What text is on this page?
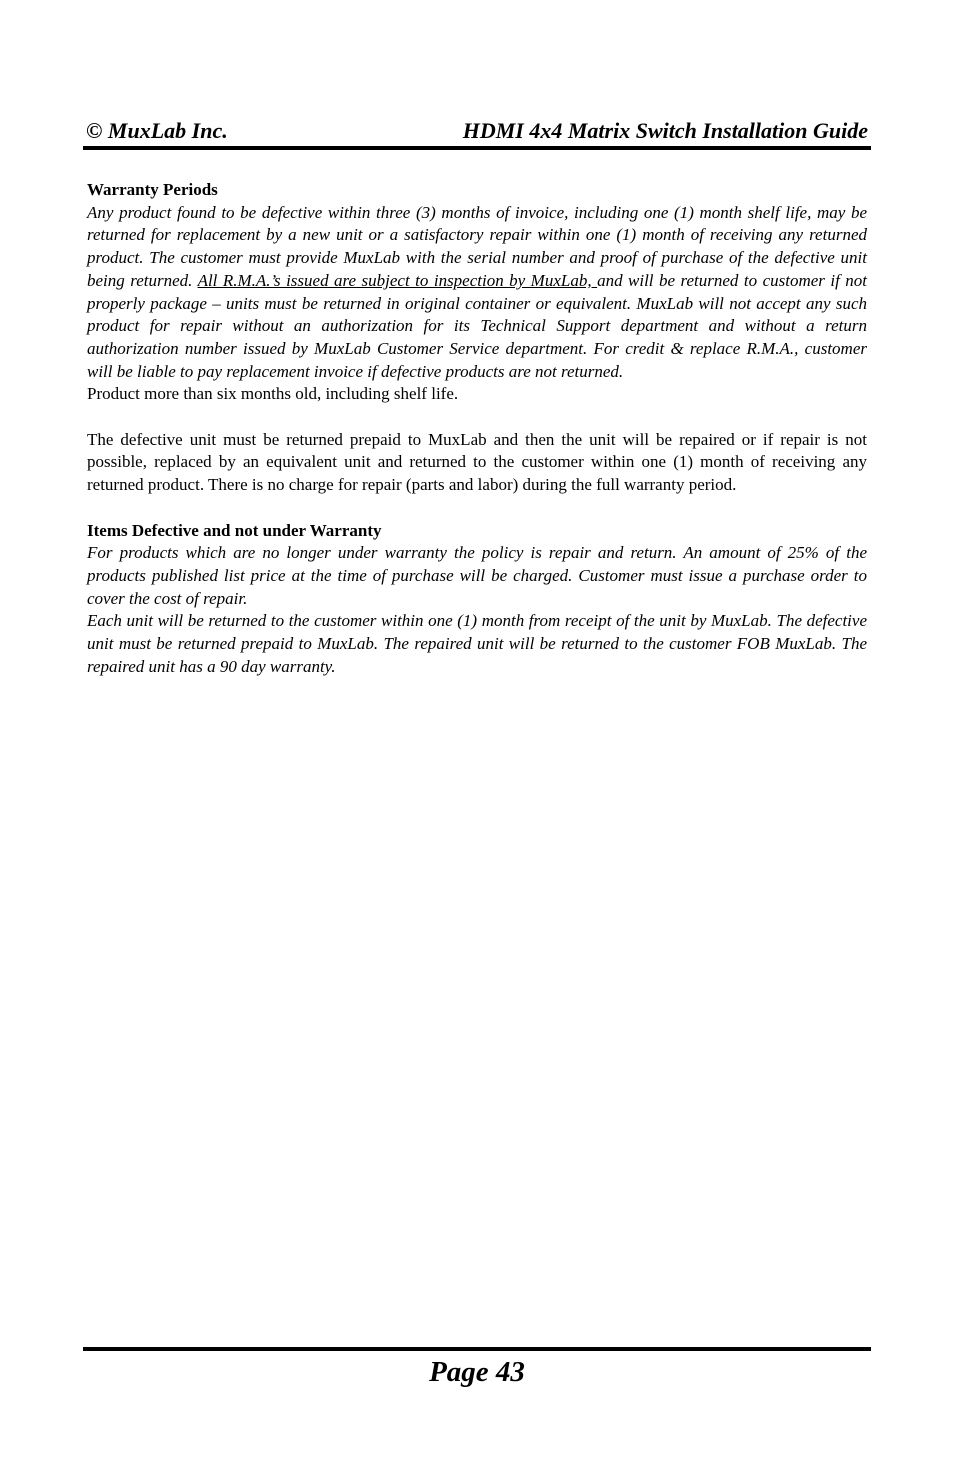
© MuxLab Inc.	HDMI 4x4 Matrix Switch Installation Guide

Warranty Periods

Any product found to be defective within three (3) months of invoice, including one (1) month shelf life, may be returned for replacement by a new unit or a satisfactory repair within one (1) month of receiving any returned product. The customer must provide MuxLab with the serial number and proof of purchase of the defective unit being returned. All R.M.A.’s issued are subject to inspection by MuxLab, and will be returned to customer if not properly package – units must be returned in original container or equivalent. MuxLab will not accept any such product for repair without an authorization for its Technical Support department and without a return authorization number issued by MuxLab Customer Service department. For credit & replace R.M.A., customer will be liable to pay replacement invoice if defective products are not returned.

Product more than six months old, including shelf life.

The defective unit must be returned prepaid to MuxLab and then the unit will be repaired or if repair is not possible, replaced by an equivalent unit and returned to the customer within one (1) month of receiving any returned product. There is no charge for repair (parts and labor) during the full warranty period.

Items Defective and not under Warranty

For products which are no longer under warranty the policy is repair and return. An amount of 25% of the products published list price at the time of purchase will be charged. Customer must issue a purchase order to cover the cost of repair.

Each unit will be returned to the customer within one (1) month from receipt of the unit by MuxLab. The defective unit must be returned prepaid to MuxLab. The repaired unit will be returned to the customer FOB MuxLab. The repaired unit has a 90 day warranty.

Page 43
